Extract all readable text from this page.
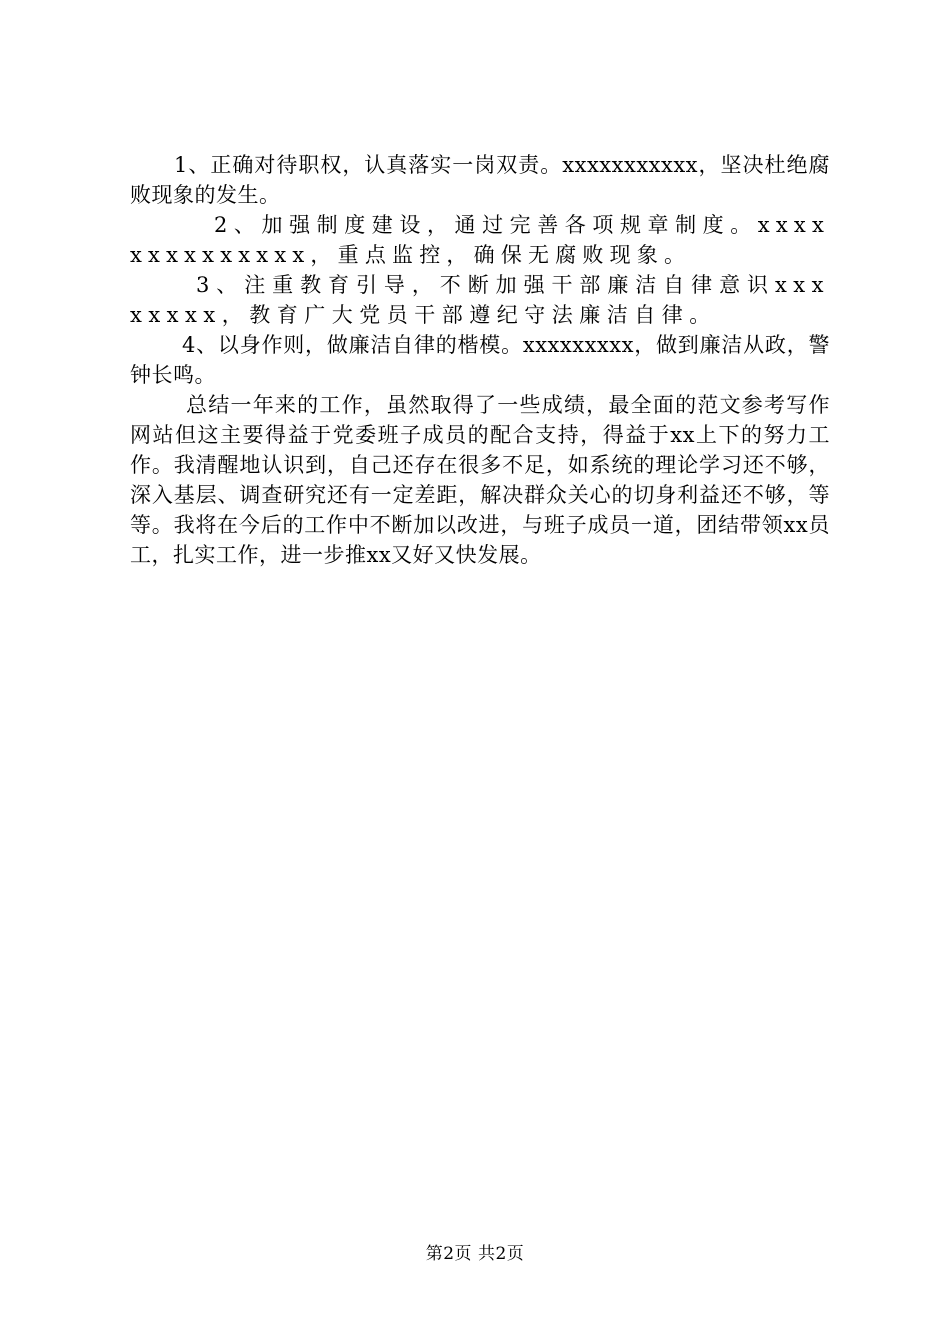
1、正确对待职权，认真落实一岗双责。xxxxxxxxxxx，坚决杜绝腐败现象的发生。

2、加强制度建设，通过完善各项规章制度。xxxxxxxxxxxxxx，重点监控，确保无腐败现象。

3、注重教育引导，不断加强干部廉洁自律意识xxxxxxxx，教育广大党员干部遵纪守法廉洁自律。

4、以身作则，做廉洁自律的楷模。xxxxxxxxx，做到廉洁从政，警钟长鸣。

总结一年来的工作，虽然取得了一些成绩，最全面的范文参考写作网站但这主要得益于党委班子成员的配合支持，得益于xx上下的努力工作。我清醒地认识到，自己还存在很多不足，如系统的理论学习还不够，深入基层、调查研究还有一定差距，解决群众关心的切身利益还不够，等等。我将在今后的工作中不断加以改进，与班子成员一道，团结带领xx员工，扎实工作，进一步推xx又好又快发展。

第2页 共2页
